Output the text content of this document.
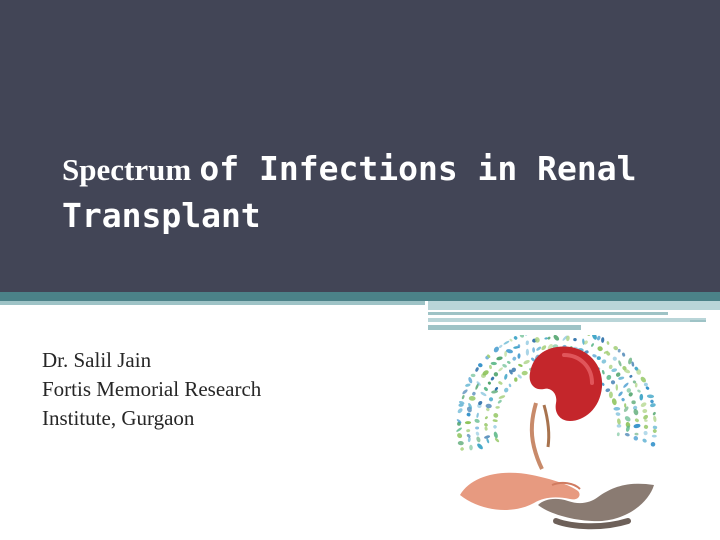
Spectrum of Infections in Renal
Transplant
Dr. Salil Jain
Fortis Memorial Research
Institute, Gurgaon
